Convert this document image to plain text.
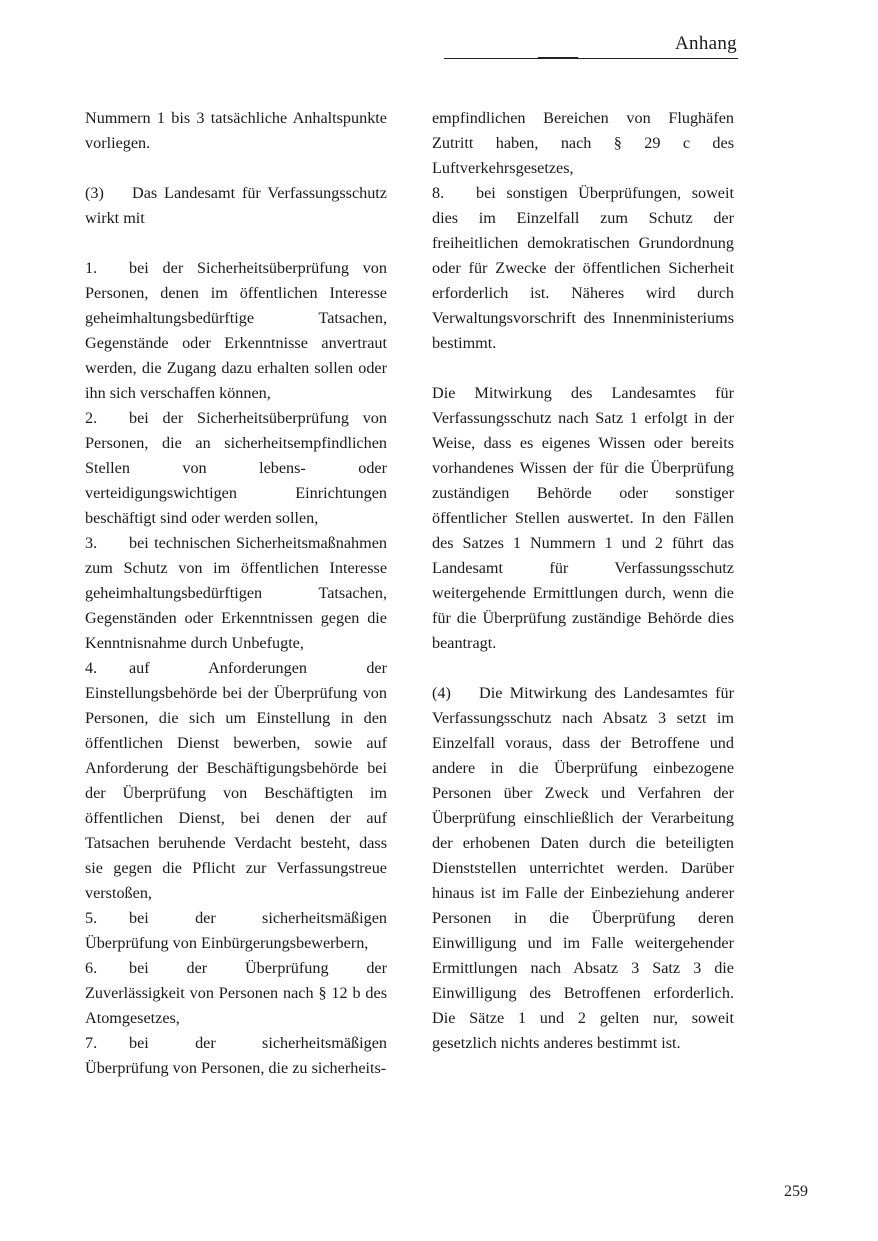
Anhang

Nummern 1 bis 3 tatsächliche Anhaltspunkte vorliegen.

(3) Das Landesamt für Verfassungsschutz wirkt mit

1. bei der Sicherheitsüberprüfung von Personen, denen im öffentlichen Interesse geheimhaltungsbedürftige Tatsachen, Gegenstände oder Erkenntnisse anvertraut werden, die Zugang dazu erhalten sollen oder ihn sich verschaffen können,

2. bei der Sicherheitsüberprüfung von Personen, die an sicherheitsempfindlichen Stellen von lebens- oder verteidigungswichtigen Einrichtungen beschäftigt sind oder werden sollen,

3. bei technischen Sicherheitsmaßnahmen zum Schutz von im öffentlichen Interesse geheimhaltungsbedürftigen Tatsachen, Gegenständen oder Erkenntnissen gegen die Kenntnisnahme durch Unbefugte,

4. auf Anforderungen der Einstellungsbehörde bei der Überprüfung von Personen, die sich um Einstellung in den öffentlichen Dienst bewerben, sowie auf Anforderung der Beschäftigungsbehörde bei der Überprüfung von Beschäftigten im öffentlichen Dienst, bei denen der auf Tatsachen beruhende Verdacht besteht, dass sie gegen die Pflicht zur Verfassungstreue verstoßen,

5. bei der sicherheitsmäßigen Überprüfung von Einbürgerungsbewerbern,

6. bei der Überprüfung der Zuverlässigkeit von Personen nach § 12 b des Atomgesetzes,

7. bei der sicherheitsmäßigen Überprüfung von Personen, die zu sicherheits-

empfindlichen Bereichen von Flughäfen Zutritt haben, nach § 29 c des Luftverkehrsgesetzes,

8. bei sonstigen Überprüfungen, soweit dies im Einzelfall zum Schutz der freiheitlichen demokratischen Grundordnung oder für Zwecke der öffentlichen Sicherheit erforderlich ist. Näheres wird durch Verwaltungsvorschrift des Innenministeriums bestimmt.

Die Mitwirkung des Landesamtes für Verfassungsschutz nach Satz 1 erfolgt in der Weise, dass es eigenes Wissen oder bereits vorhandenes Wissen der für die Überprüfung zuständigen Behörde oder sonstiger öffentlicher Stellen auswertet. In den Fällen des Satzes 1 Nummern 1 und 2 führt das Landesamt für Verfassungsschutz weitergehende Ermittlungen durch, wenn die für die Überprüfung zuständige Behörde dies beantragt.

(4) Die Mitwirkung des Landesamtes für Verfassungsschutz nach Absatz 3 setzt im Einzelfall voraus, dass der Betroffene und andere in die Überprüfung einbezogene Personen über Zweck und Verfahren der Überprüfung einschließlich der Verarbeitung der erhobenen Daten durch die beteiligten Dienststellen unterrichtet werden. Darüber hinaus ist im Falle der Einbeziehung anderer Personen in die Überprüfung deren Einwilligung und im Falle weitergehender Ermittlungen nach Absatz 3 Satz 3 die Einwilligung des Betroffenen erforderlich. Die Sätze 1 und 2 gelten nur, soweit gesetzlich nichts anderes bestimmt ist.

259
